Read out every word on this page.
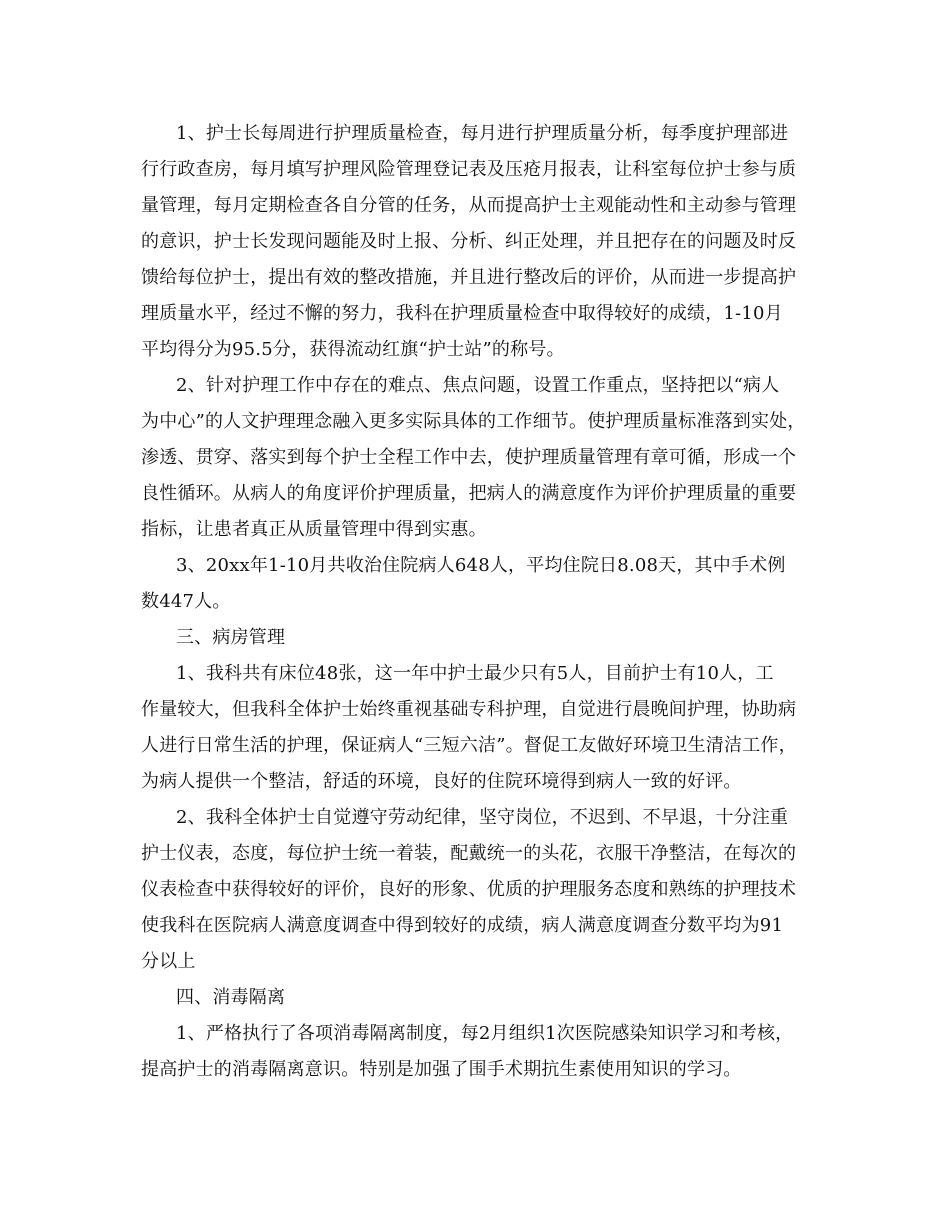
1、护士长每周进行护理质量检查，每月进行护理质量分析，每季度护理部进
行行政查房，每月填写护理风险管理登记表及压疮月报表，让科室每位护士参与质
量管理，每月定期检查各自分管的任务，从而提高护士主观能动性和主动参与管理
的意识，护士长发现问题能及时上报、分析、纠正处理，并且把存在的问题及时反
馈给每位护士，提出有效的整改措施，并且进行整改后的评价，从而进一步提高护
理质量水平，经过不懈的努力，我科在护理质量检查中取得较好的成绩，1-10月
平均得分为95.5分，获得流动红旗“护士站”的称号。
2、针对护理工作中存在的难点、焦点问题，设置工作重点，坚持把以“病人
为中心”的人文护理理念融入更多实际具体的工作细节。使护理质量标准落到实处，
渗透、贯穿、落实到每个护士全程工作中去，使护理质量管理有章可循，形成一个
良性循环。从病人的角度评价护理质量，把病人的满意度作为评价护理质量的重要
指标，让患者真正从质量管理中得到实惠。
3、20xx年1-10月共收治住院病人648人，平均住院日8.08天，其中手术例
数447人。
三、病房管理
1、我科共有床位48张，这一年中护士最少只有5人，目前护士有10人，工
作量较大，但我科全体护士始终重视基础专科护理，自觉进行晨晚间护理，协助病
人进行日常生活的护理，保证病人“三短六洁”。督促工友做好环境卫生清洁工作，
为病人提供一个整洁，舒适的环境，良好的住院环境得到病人一致的好评。
2、我科全体护士自觉遵守劳动纪律，坚守岗位，不迟到、不早退，十分注重
护士仪表，态度，每位护士统一着装，配戴统一的头花，衣服干净整洁，在每次的
仪表检查中获得较好的评价，良好的形象、优质的护理服务态度和熟练的护理技术
使我科在医院病人满意度调查中得到较好的成绩，病人满意度调查分数平均为91
分以上
四、消毒隔离
1、严格执行了各项消毒隔离制度，每2月组织1次医院感染知识学习和考核，
提高护士的消毒隔离意识。特别是加强了围手术期抗生素使用知识的学习。
